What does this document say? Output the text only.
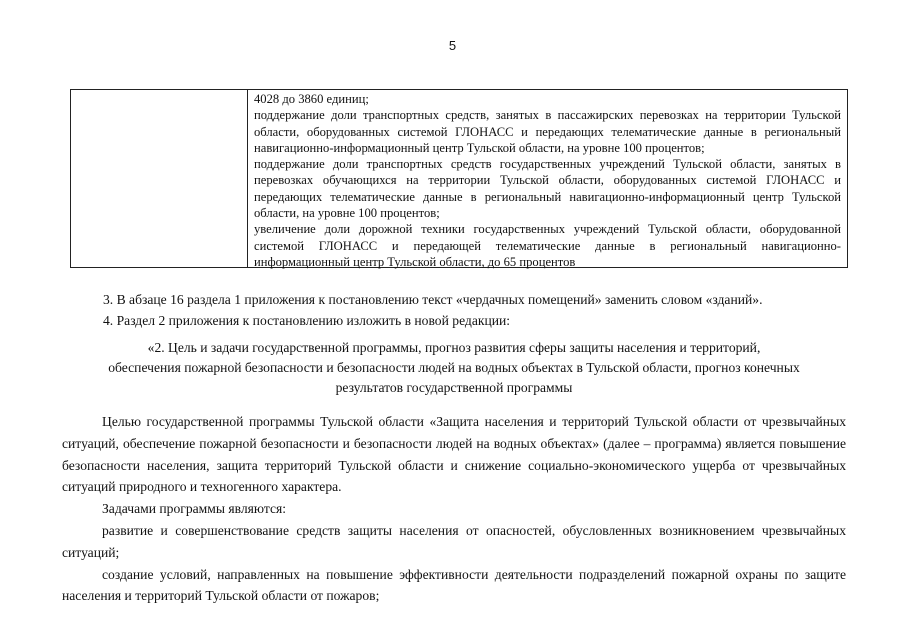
5

4028 до 3860 единиц;

поддержание доли транспортных средств, занятых в пассажирских перевозках на территории Тульской области, оборудованных системой ГЛОНАСС и передающих телематические данные в региональный навигационно-информационный центр Тульской области, на уровне 100 процентов;

поддержание доли транспортных средств государственных учреждений Тульской области, занятых в перевозках обучающихся на территории Тульской области, оборудованных системой ГЛОНАСС и передающих телематические данные в региональный навигационно-информационный центр Тульской области, на уровне 100 процентов;

увеличение доли дорожной техники государственных учреждений Тульской области, оборудованной системой ГЛОНАСС и передающей телематические данные в региональный навигационно-информационный центр Тульской области, до 65 процентов

3. В абзаце 16 раздела 1 приложения к постановлению текст «чердачных помещений» заменить словом «зданий».
4. Раздел 2 приложения к постановлению изложить в новой редакции:
«2. Цель и задачи государственной программы, прогноз развития сферы защиты населения и территорий,
обеспечения пожарной безопасности и безопасности людей на водных объектах в Тульской области, прогноз конечных
результатов государственной программы

Целью государственной программы Тульской области «Защита населения и территорий Тульской области от чрезвычайных ситуаций, обеспечение пожарной безопасности и безопасности людей на водных объектах» (далее – программа) является повышение безопасности населения, защита территорий Тульской области и снижение социально-экономического ущерба от чрезвычайных ситуаций природного и техногенного характера.

Задачами программы являются:

развитие и совершенствование средств защиты населения от опасностей, обусловленных возникновением чрезвычайных ситуаций;

создание условий, направленных на повышение эффективности деятельности подразделений пожарной охраны по защите населения и территорий Тульской области от пожаров;
